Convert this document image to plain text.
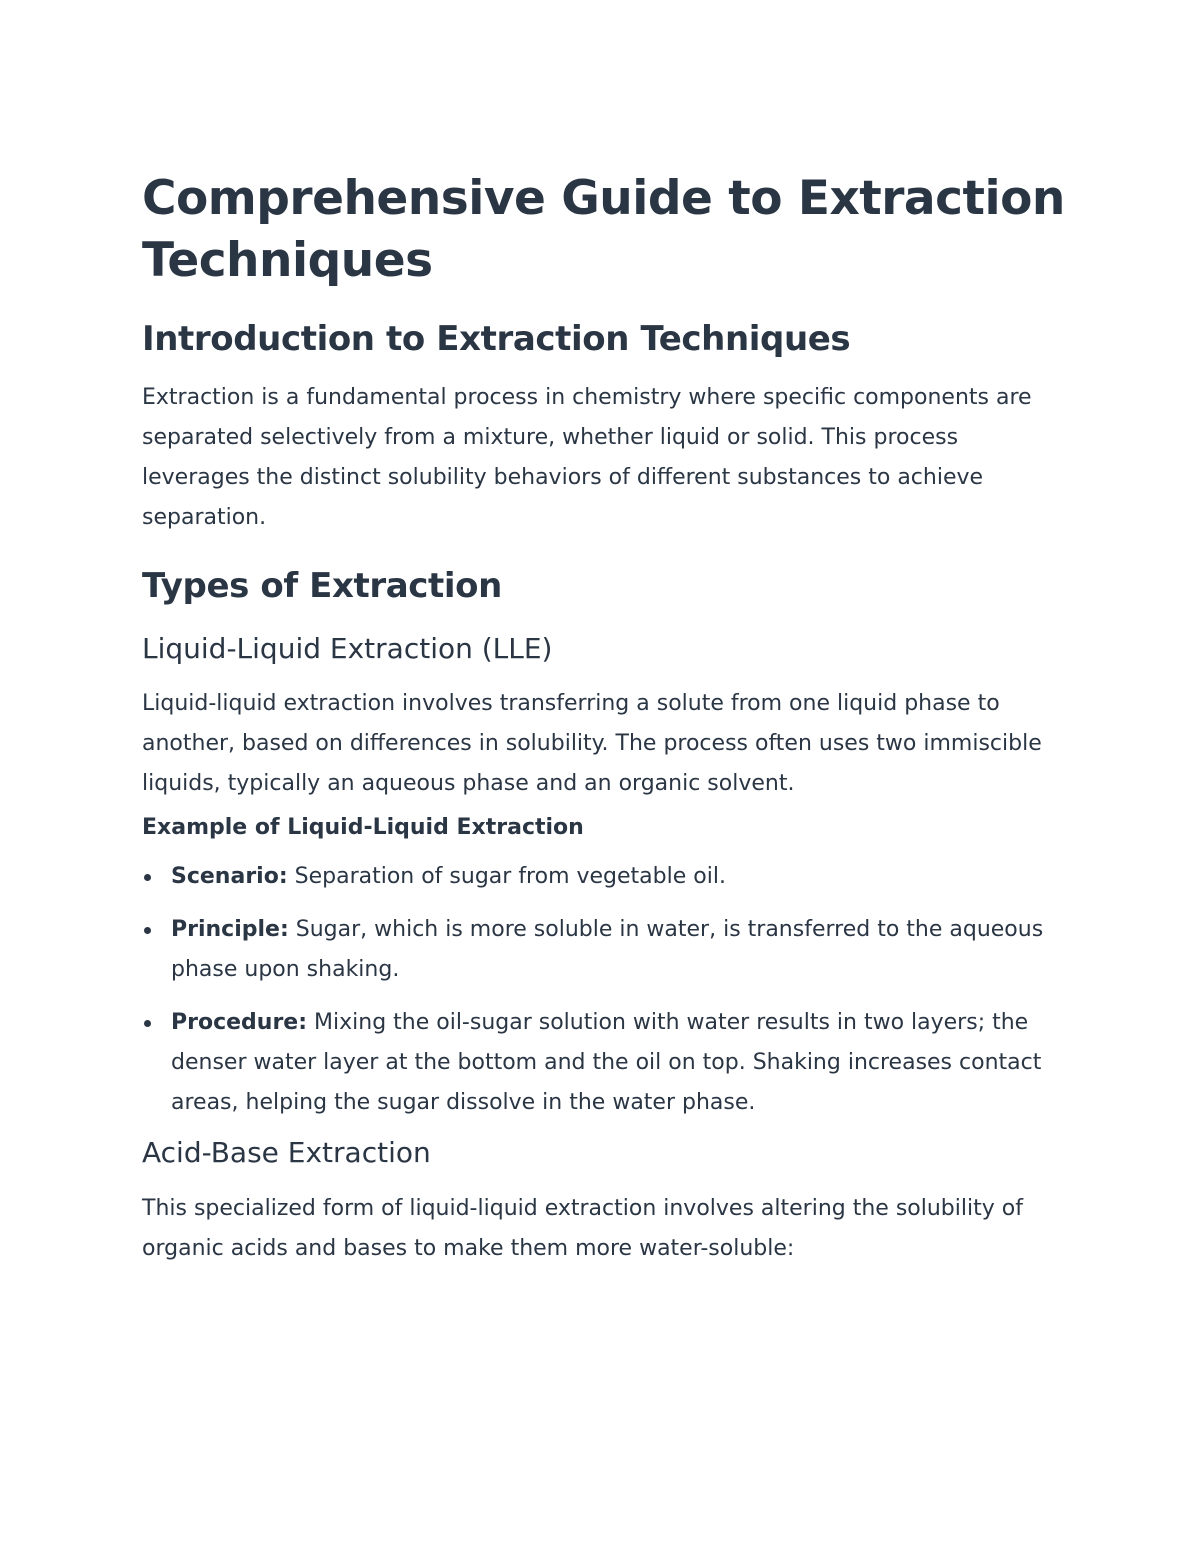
Comprehensive Guide to Extraction Techniques
Introduction to Extraction Techniques

Extraction is a fundamental process in chemistry where specific components are separated selectively from a mixture, whether liquid or solid. This process leverages the distinct solubility behaviors of different substances to achieve separation.

Types of Extraction
Liquid-Liquid Extraction (LLE)

Liquid-liquid extraction involves transferring a solute from one liquid phase to another, based on differences in solubility. The process often uses two immiscible liquids, typically an aqueous phase and an organic solvent.

Example of Liquid-Liquid Extraction
Scenario: Separation of sugar from vegetable oil.
Principle: Sugar, which is more soluble in water, is transferred to the aqueous phase upon shaking.
Procedure: Mixing the oil-sugar solution with water results in two layers; the denser water layer at the bottom and the oil on top. Shaking increases contact areas, helping the sugar dissolve in the water phase.
Acid-Base Extraction

This specialized form of liquid-liquid extraction involves altering the solubility of organic acids and bases to make them more water-soluble:
